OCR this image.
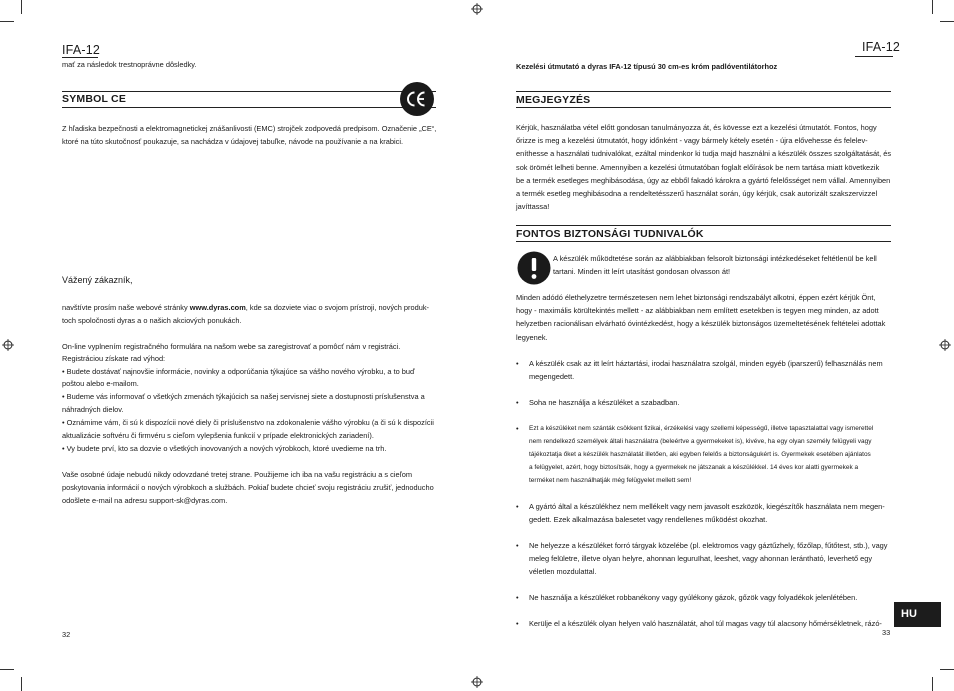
IFA-12
mať za následok trestnoprávne dôsledky.
SYMBOL CE
Z hľadiska bezpečnosti a elektromagnetickej znášanlivosti (EMC) strojček zodpovedá predpisom. Označenie „CE“,
ktoré na túto skutočnosť poukazuje, sa nachádza v údajovej tabuľke, návode na používanie a na krabici.
Vážený zákazník,
navštívte prosím naše webové stránky www.dyras.com, kde sa dozviete viac o svojom prístroji, nových produk-
toch spoločnosti dyras a o našich akciových ponukách.
On-line vyplnením registračného formulára na našom webe sa zaregistrovať a pomôcť nám v registráci.
Registráciou získate rad výhod:
• Budete dostávať najnovšie informácie, novinky a odporúčania týkajúce sa vášho nového výrobku, a to buď
poštou alebo e-mailom.
• Budeme vás informovať o všetkých zmenách týkajúcich sa našej servisnej siete a dostupnosti príslušenstva a
náhradných dielov.
• Oznámime vám, či sú k dispozícii nové diely či príslušenstvo na zdokonalenie vášho výrobku (a či sú k dispozícii
aktualizácie softvéru či firmvéru s cieľom vylepšenia funkcií v prípade elektronických zariadení).
• Vy budete prví, kto sa dozvie o všetkých inovovaných a nových výrobkoch, ktoré uvedieme na trh.
Vaše osobné údaje nebudú nikdy odovzdané tretej strane. Použijeme ich iba na vašu registráciu a s cieľom
poskytovania informácií o nových výrobkoch a službách. Pokiaľ budete chcieť svoju registráciu zrušiť, jednoducho
odošlete e-mail na adresu support-sk@dyras.com.
32
IFA-12
Kezelési útmutató a dyras IFA-12 típusú 30 cm-es króm padlóventilátorhoz
MEGJEGYZÉS
Kérjük, használatba vétel előtt gondosan tanulmányozza át, és kövesse ezt a kezelési útmutatót. Fontos, hogy
őrizze is meg a kezelési útmutatót, hogy időnként - vagy bármely kétely esetén - újra elővehesse és felelev-
eníthesse a használati tudnivalókat, ezáltal mindenkor ki tudja majd használni a készülék összes szolgáltatását, és
sok örömét lelheti benne. Amennyiben a kezelési útmutatóban foglalt előírások be nem tartása miatt következik
be a termék esetleges meghibásodása, úgy az ebből fakadó károkra a gyártó felelősséget nem vállal. Amennyiben
a termék esetleg meghibásodna a rendeltetésszerű használat során, úgy kérjük, csak autorizált szakszervizzel
javíttassa!
FONTOS BIZTONSÁGI TUDNIVALÓK
A készülék működtetése során az alábbiakban felsorolt biztonsági intézkedéseket feltétlenül be kell
tartani. Minden itt leírt utasítást gondosan olvasson át!
Minden adódó élethelyzetre természetesen nem lehet biztonsági rendszabályt alkotni, éppen ezért kérjük Önt,
hogy - maximális körültekintés mellett - az alábbiakban nem említett esetekben is tegyen meg minden, az adott
helyzetben racionálisan elvárható óvintézkedést, hogy a készülék biztonságos üzemeltetésének feltételei adottak
legyenek.
• A készülék csak az itt leírt háztartási, irodai használatra szolgál, minden egyéb (iparszerű) felhasználás nem
megengedett.
• Soha ne használja a készüléket a szabadban.
• Ezt a készüléket nem szánták csökkent fizikai, érzékelési vagy szellemi képességű, illetve tapasztalattal vagy ismerettel
nem rendelkező személyek általi használatra (beleértve a gyermekeket is), kivéve, ha egy olyan személy felügyeli vagy
tájékoztatja őket a készülék használatát illetően, aki egyben felelős a biztonságukért is. Gyermekek esetében ajánlatos
a felügyelet, azért, hogy biztosítsák, hogy a gyermekek ne játszanak a készülékkel. 14 éves kor alatti gyermekek a
terméket nem használhatják még felügyelet mellett sem!
• A gyártó által a készülékhez nem mellékelt vagy nem javasolt eszközök, kiegészítők használata nem megen-
gedett. Ezek alkalmazása balesetet vagy rendellenes működést okozhat.
• Ne helyezze a készüléket forró tárgyak közelébe (pl. elektromos vagy gáztűzhely, főzőlap, fűtőtest, stb.), vagy
meleg felületre, illetve olyan helyre, ahonnan leguruIhat, leeshet, vagy ahonnan leránthatό, leverhető egy
véletlen mozdulattal.
• Ne használja a készüléket robbanékony vagy gyúlékony gázok, gőzök vagy folyadékok jelenlétében.
• Kerülje el a készülék olyan helyen való használatát, ahol túl magas vagy túl alacsony hőmérsékletnek, rázó-
33
HU
